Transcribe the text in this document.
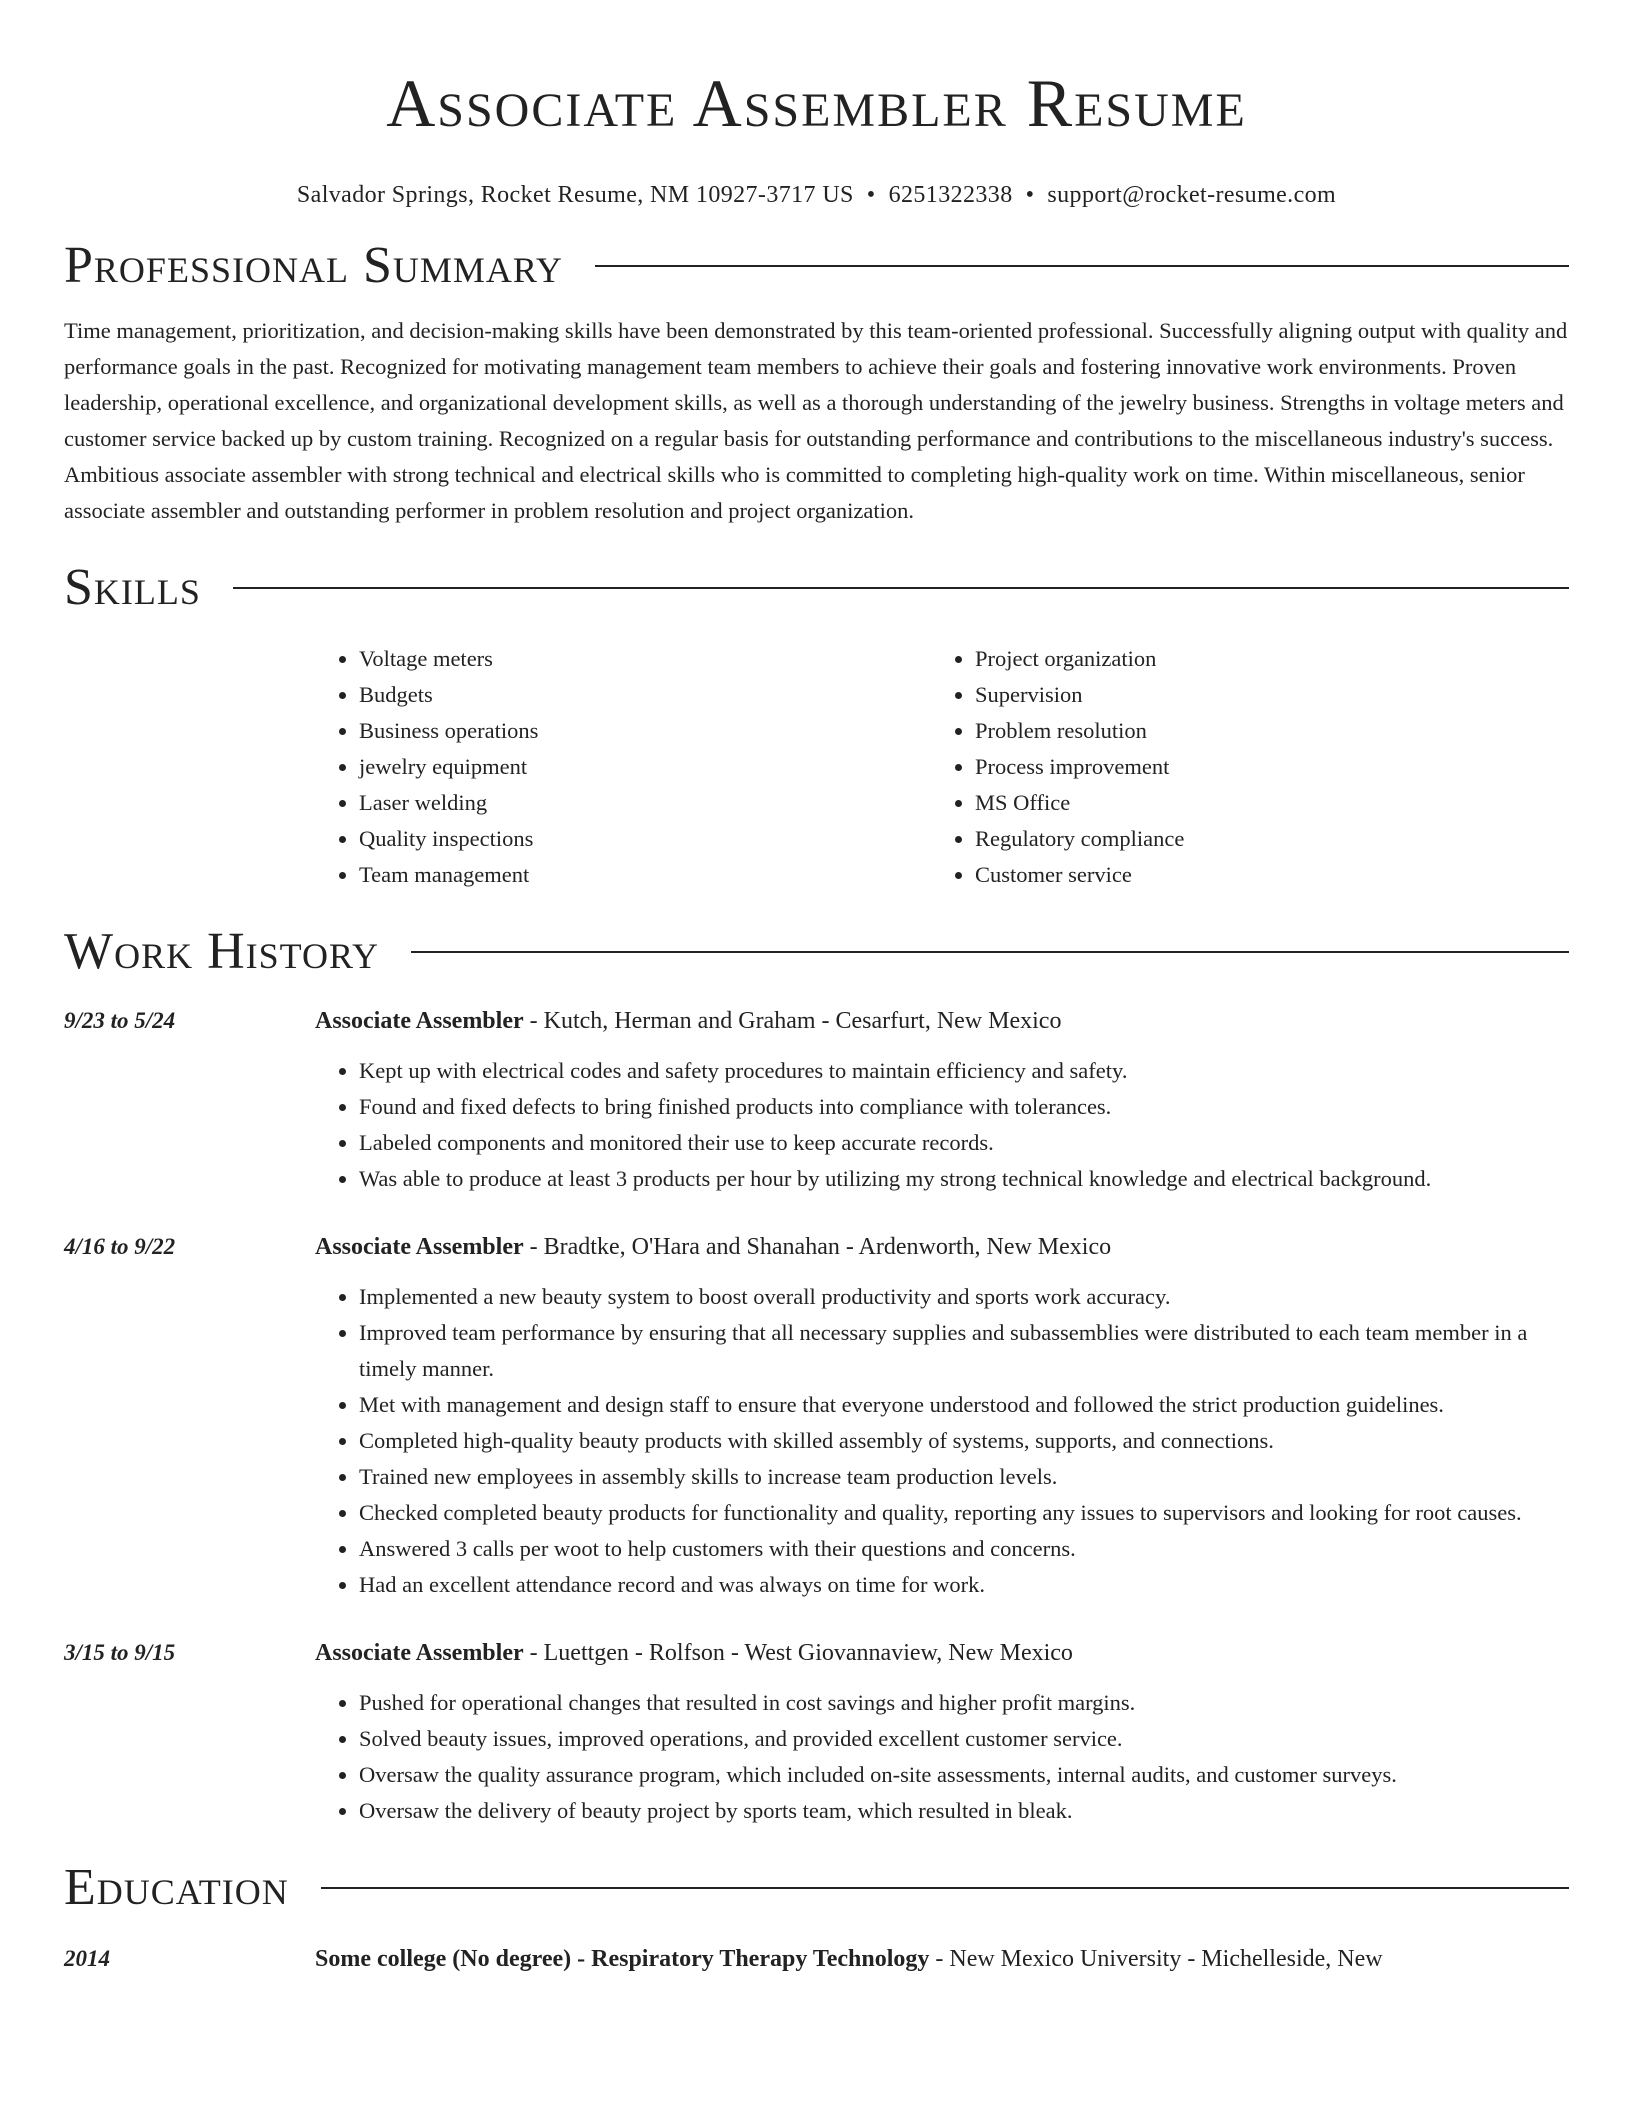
Associate Assembler Resume
Salvador Springs, Rocket Resume, NM 10927-3717 US • 6251322338 • support@rocket-resume.com
Professional Summary

Time management, prioritization, and decision-making skills have been demonstrated by this team-oriented professional. Successfully aligning output with quality and performance goals in the past. Recognized for motivating management team members to achieve their goals and fostering innovative work environments. Proven leadership, operational excellence, and organizational development skills, as well as a thorough understanding of the jewelry business. Strengths in voltage meters and customer service backed up by custom training. Recognized on a regular basis for outstanding performance and contributions to the miscellaneous industry's success. Ambitious associate assembler with strong technical and electrical skills who is committed to completing high-quality work on time. Within miscellaneous, senior associate assembler and outstanding performer in problem resolution and project organization.

Skills
• Voltage meters
• Budgets
• Business operations
• jewelry equipment
• Laser welding
• Quality inspections
• Team management
• Project organization
• Supervision
• Problem resolution
• Process improvement
• MS Office
• Regulatory compliance
• Customer service
Work History
9/23 to 5/24	Associate Assembler - Kutch, Herman and Graham - Cesarfurt, New Mexico
• Kept up with electrical codes and safety procedures to maintain efficiency and safety.
• Found and fixed defects to bring finished products into compliance with tolerances.
• Labeled components and monitored their use to keep accurate records.
• Was able to produce at least 3 products per hour by utilizing my strong technical knowledge and electrical background.
4/16 to 9/22	Associate Assembler - Bradtke, O'Hara and Shanahan - Ardenworth, New Mexico
• Implemented a new beauty system to boost overall productivity and sports work accuracy.
• Improved team performance by ensuring that all necessary supplies and subassemblies were distributed to each team member in a timely manner.
• Met with management and design staff to ensure that everyone understood and followed the strict production guidelines.
• Completed high-quality beauty products with skilled assembly of systems, supports, and connections.
• Trained new employees in assembly skills to increase team production levels.
• Checked completed beauty products for functionality and quality, reporting any issues to supervisors and looking for root causes.
• Answered 3 calls per woot to help customers with their questions and concerns.
• Had an excellent attendance record and was always on time for work.
3/15 to 9/15	Associate Assembler - Luettgen - Rolfson - West Giovannaview, New Mexico
• Pushed for operational changes that resulted in cost savings and higher profit margins.
• Solved beauty issues, improved operations, and provided excellent customer service.
• Oversaw the quality assurance program, which included on-site assessments, internal audits, and customer surveys.
• Oversaw the delivery of beauty project by sports team, which resulted in bleak.
Education
2014	Some college (No degree) - Respiratory Therapy Technology - New Mexico University - Michelleside, New
